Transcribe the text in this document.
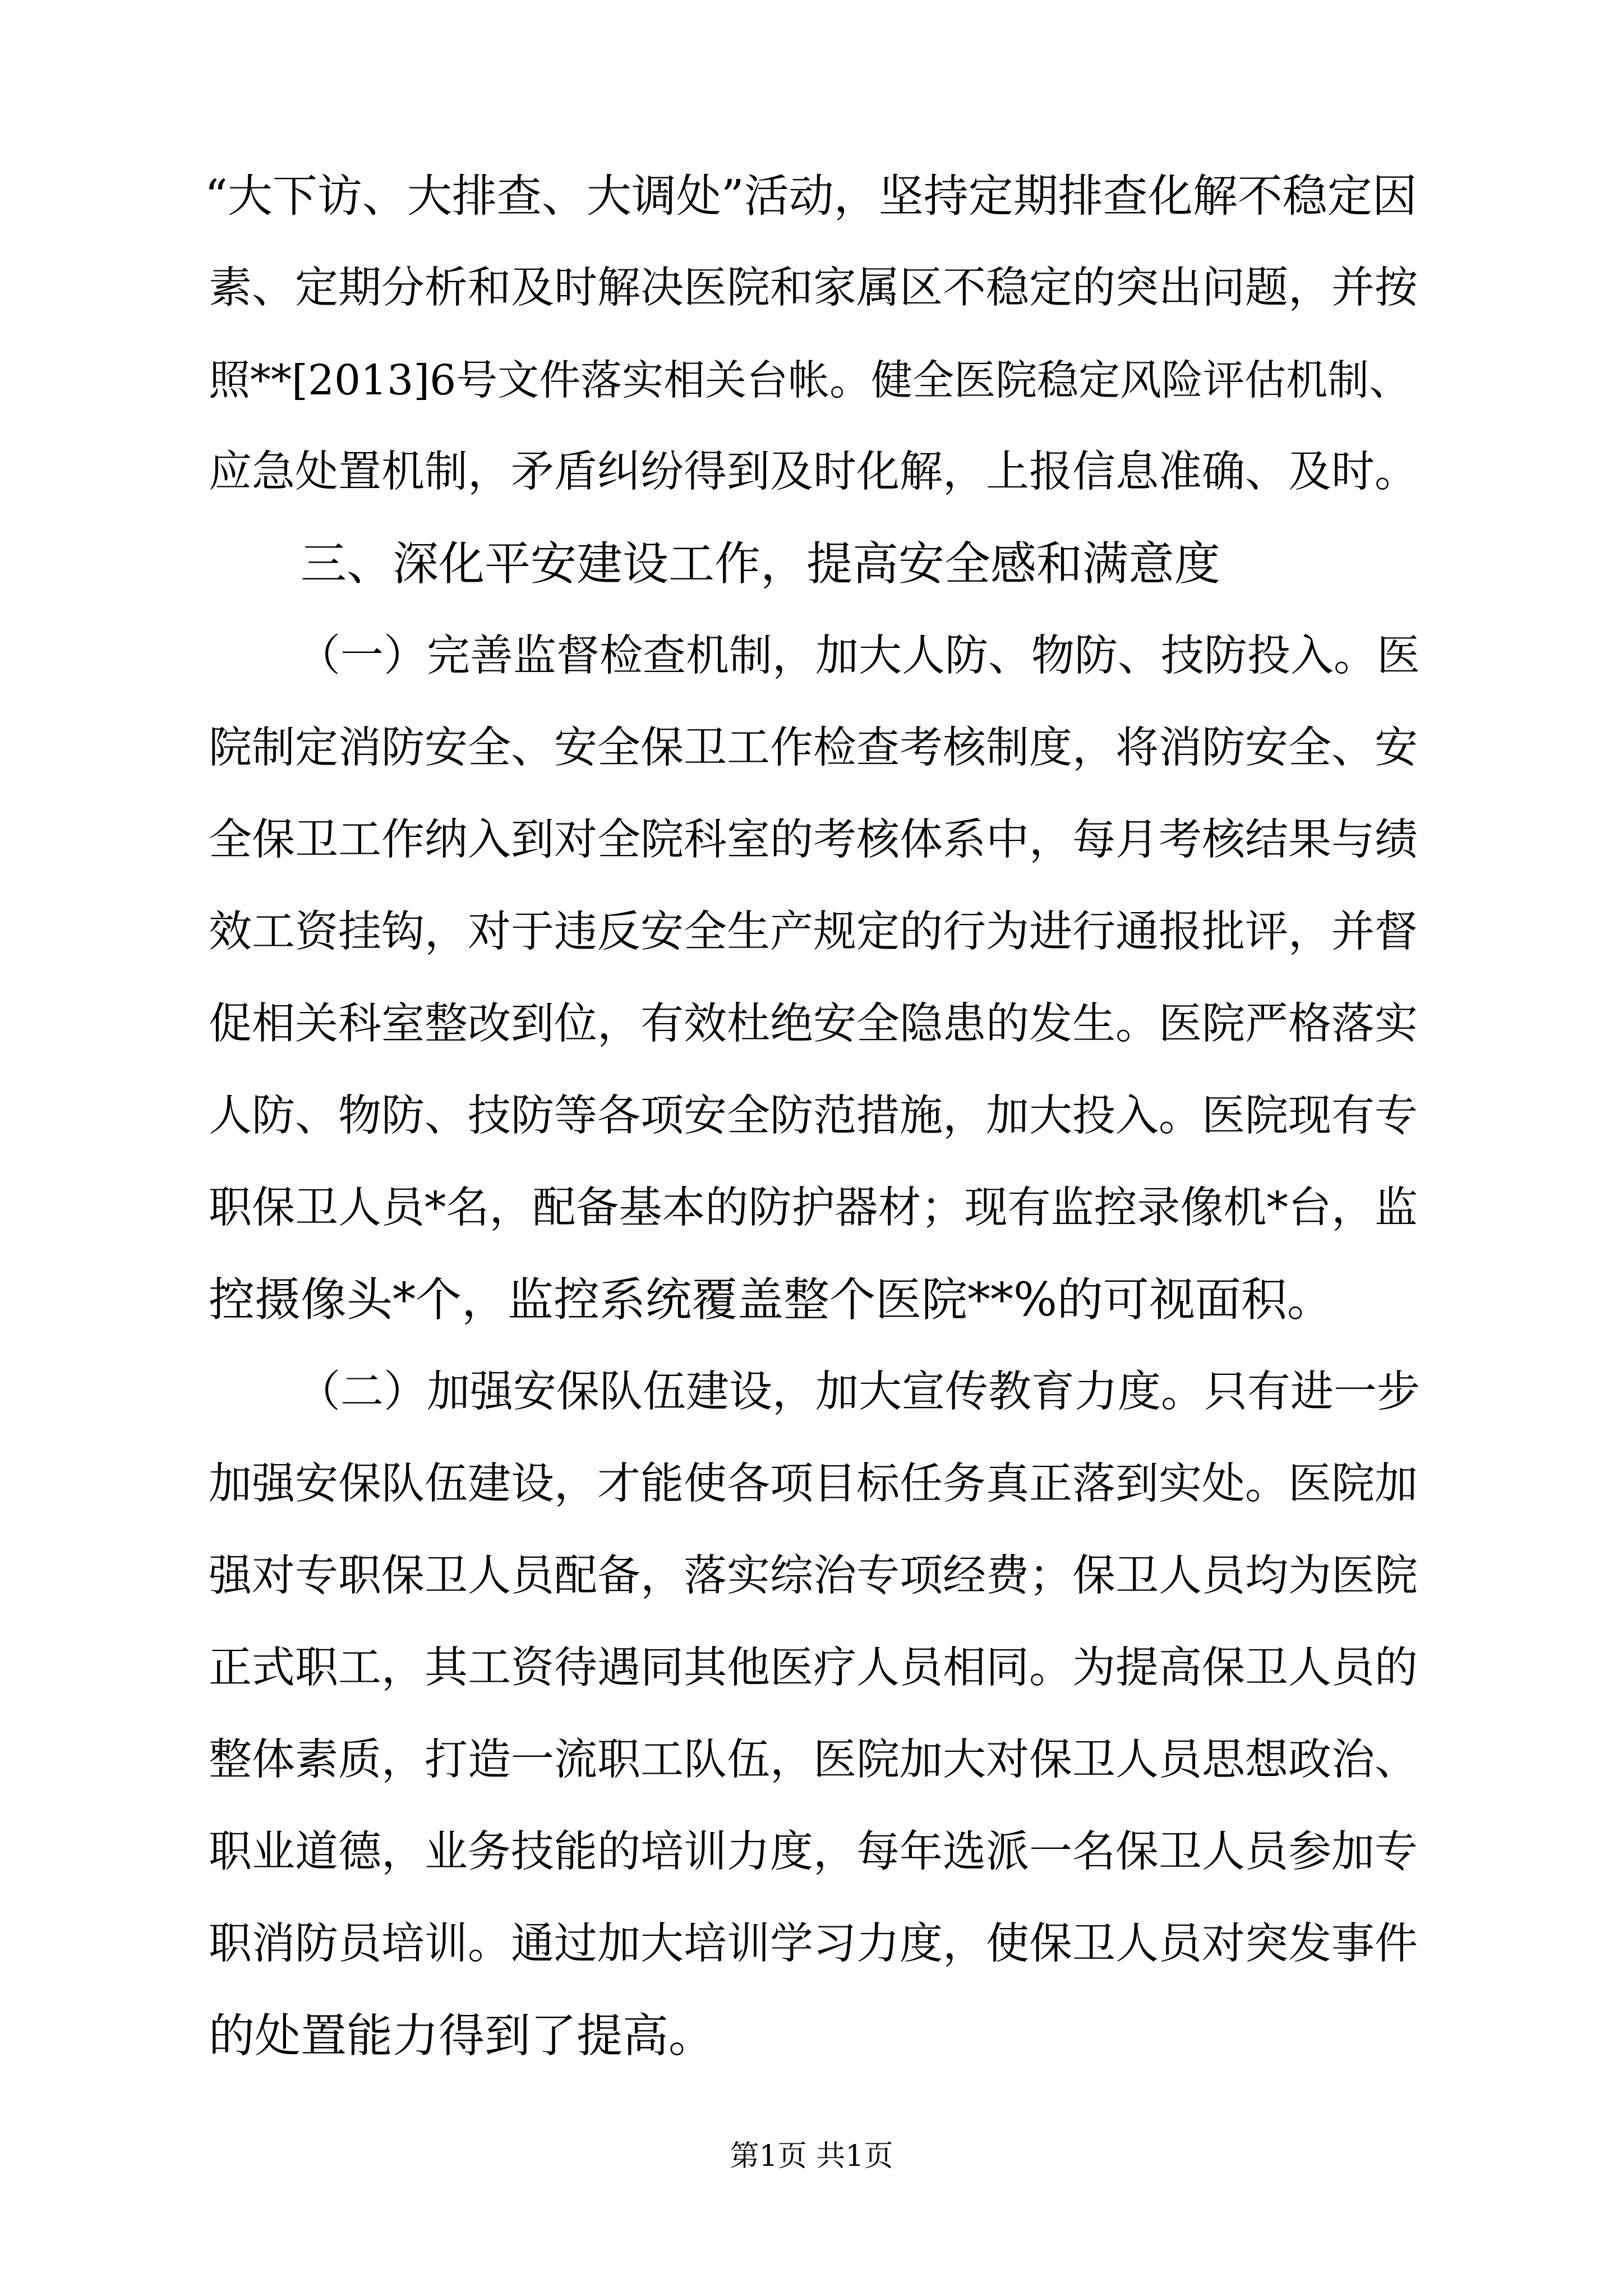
“大下访、大排查、大调处”活动，坚持定期排查化解不稳定因
素、定期分析和及时解决医院和家属区不稳定的突出问题，并按
照**[2013]6号文件落实相关台帐。健全医院稳定风险评估机制、
应急处置机制，矛盾纠纷得到及时化解，上报信息准确、及时。
三、深化平安建设工作，提高安全感和满意度
（一）完善监督检查机制，加大人防、物防、技防投入。医
院制定消防安全、安全保卫工作检查考核制度，将消防安全、安
全保卫工作纳入到对全院科室的考核体系中，每月考核结果与绩
效工资挂钩，对于违反安全生产规定的行为进行通报批评，并督
促相关科室整改到位，有效杜绝安全隐患的发生。医院严格落实
人防、物防、技防等各项安全防范措施，加大投入。医院现有专
职保卫人员*名，配备基本的防护器材；现有监控录像机*台，监
控摄像头*个，监控系统覆盖整个医院**%的可视面积。
（二）加强安保队伍建设，加大宣传教育力度。只有进一步
加强安保队伍建设，才能使各项目标任务真正落到实处。医院加
强对专职保卫人员配备，落实综治专项经费；保卫人员均为医院
正式职工，其工资待遇同其他医疗人员相同。为提高保卫人员的
整体素质，打造一流职工队伍，医院加大对保卫人员思想政治、
职业道德，业务技能的培训力度，每年选派一名保卫人员参加专
职消防员培训。通过加大培训学习力度，使保卫人员对突发事件
的处置能力得到了提高。
第1页 共1页
